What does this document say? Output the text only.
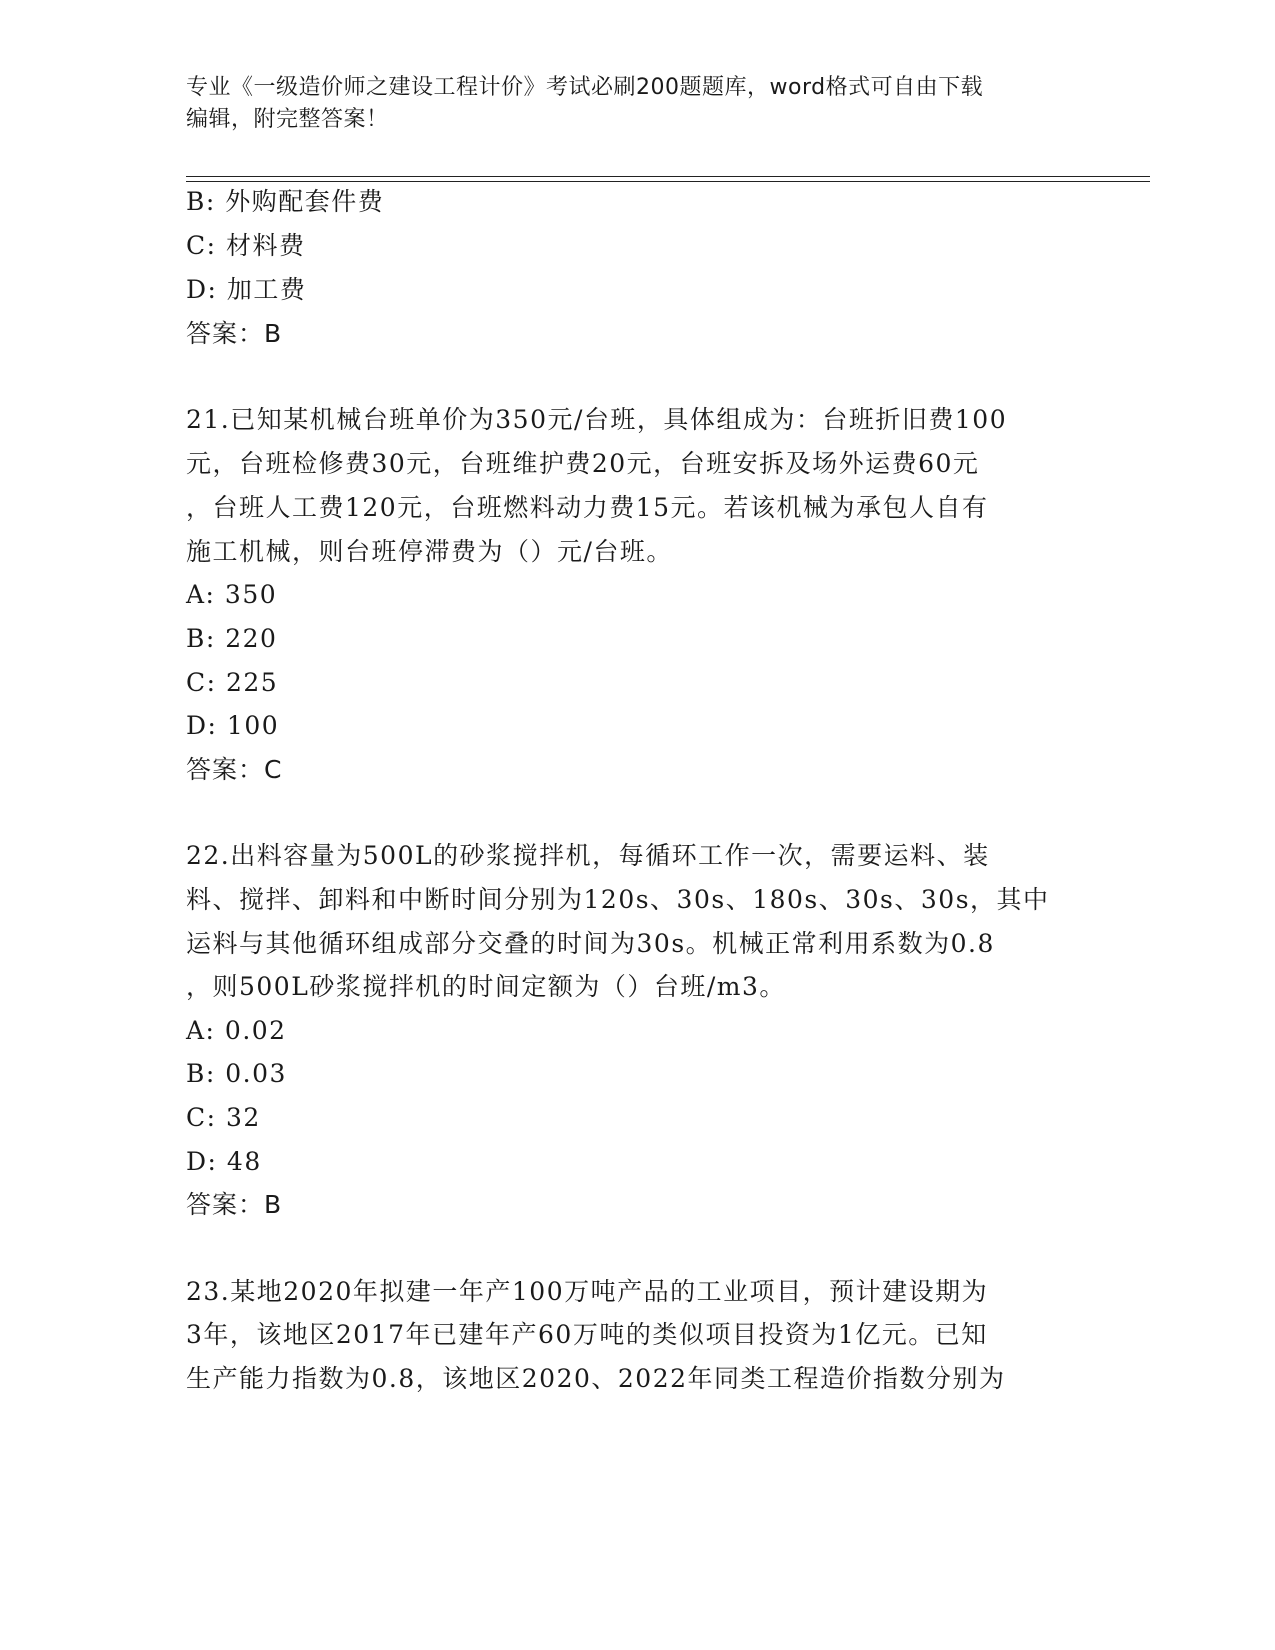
专业《一级造价师之建设工程计价》考试必刷200题题库，word格式可自由下载
编辑，附完整答案！
B: 外购配套件费
C: 材料费
D: 加工费
答案：B
21.已知某机械台班单价为350元/台班，具体组成为：台班折旧费100
元，台班检修费30元，台班维护费20元，台班安拆及场外运费60元
，台班人工费120元，台班燃料动力费15元。若该机械为承包人自有
施工机械，则台班停滞费为（）元/台班。
A: 350
B: 220
C: 225
D: 100
答案：C
22.出料容量为500L的砂浆搅拌机，每循环工作一次，需要运料、装
料、搅拌、卸料和中断时间分别为120s、30s、180s、30s、30s，其中
运料与其他循环组成部分交叠的时间为30s。机械正常利用系数为0.8
，则500L砂浆搅拌机的时间定额为（）台班/m3。
A: 0.02
B: 0.03
C: 32
D: 48
答案：B
23.某地2020年拟建一年产100万吨产品的工业项目，预计建设期为
3年，该地区2017年已建年产60万吨的类似项目投资为1亿元。已知
生产能力指数为0.8，该地区2020、2022年同类工程造价指数分别为
